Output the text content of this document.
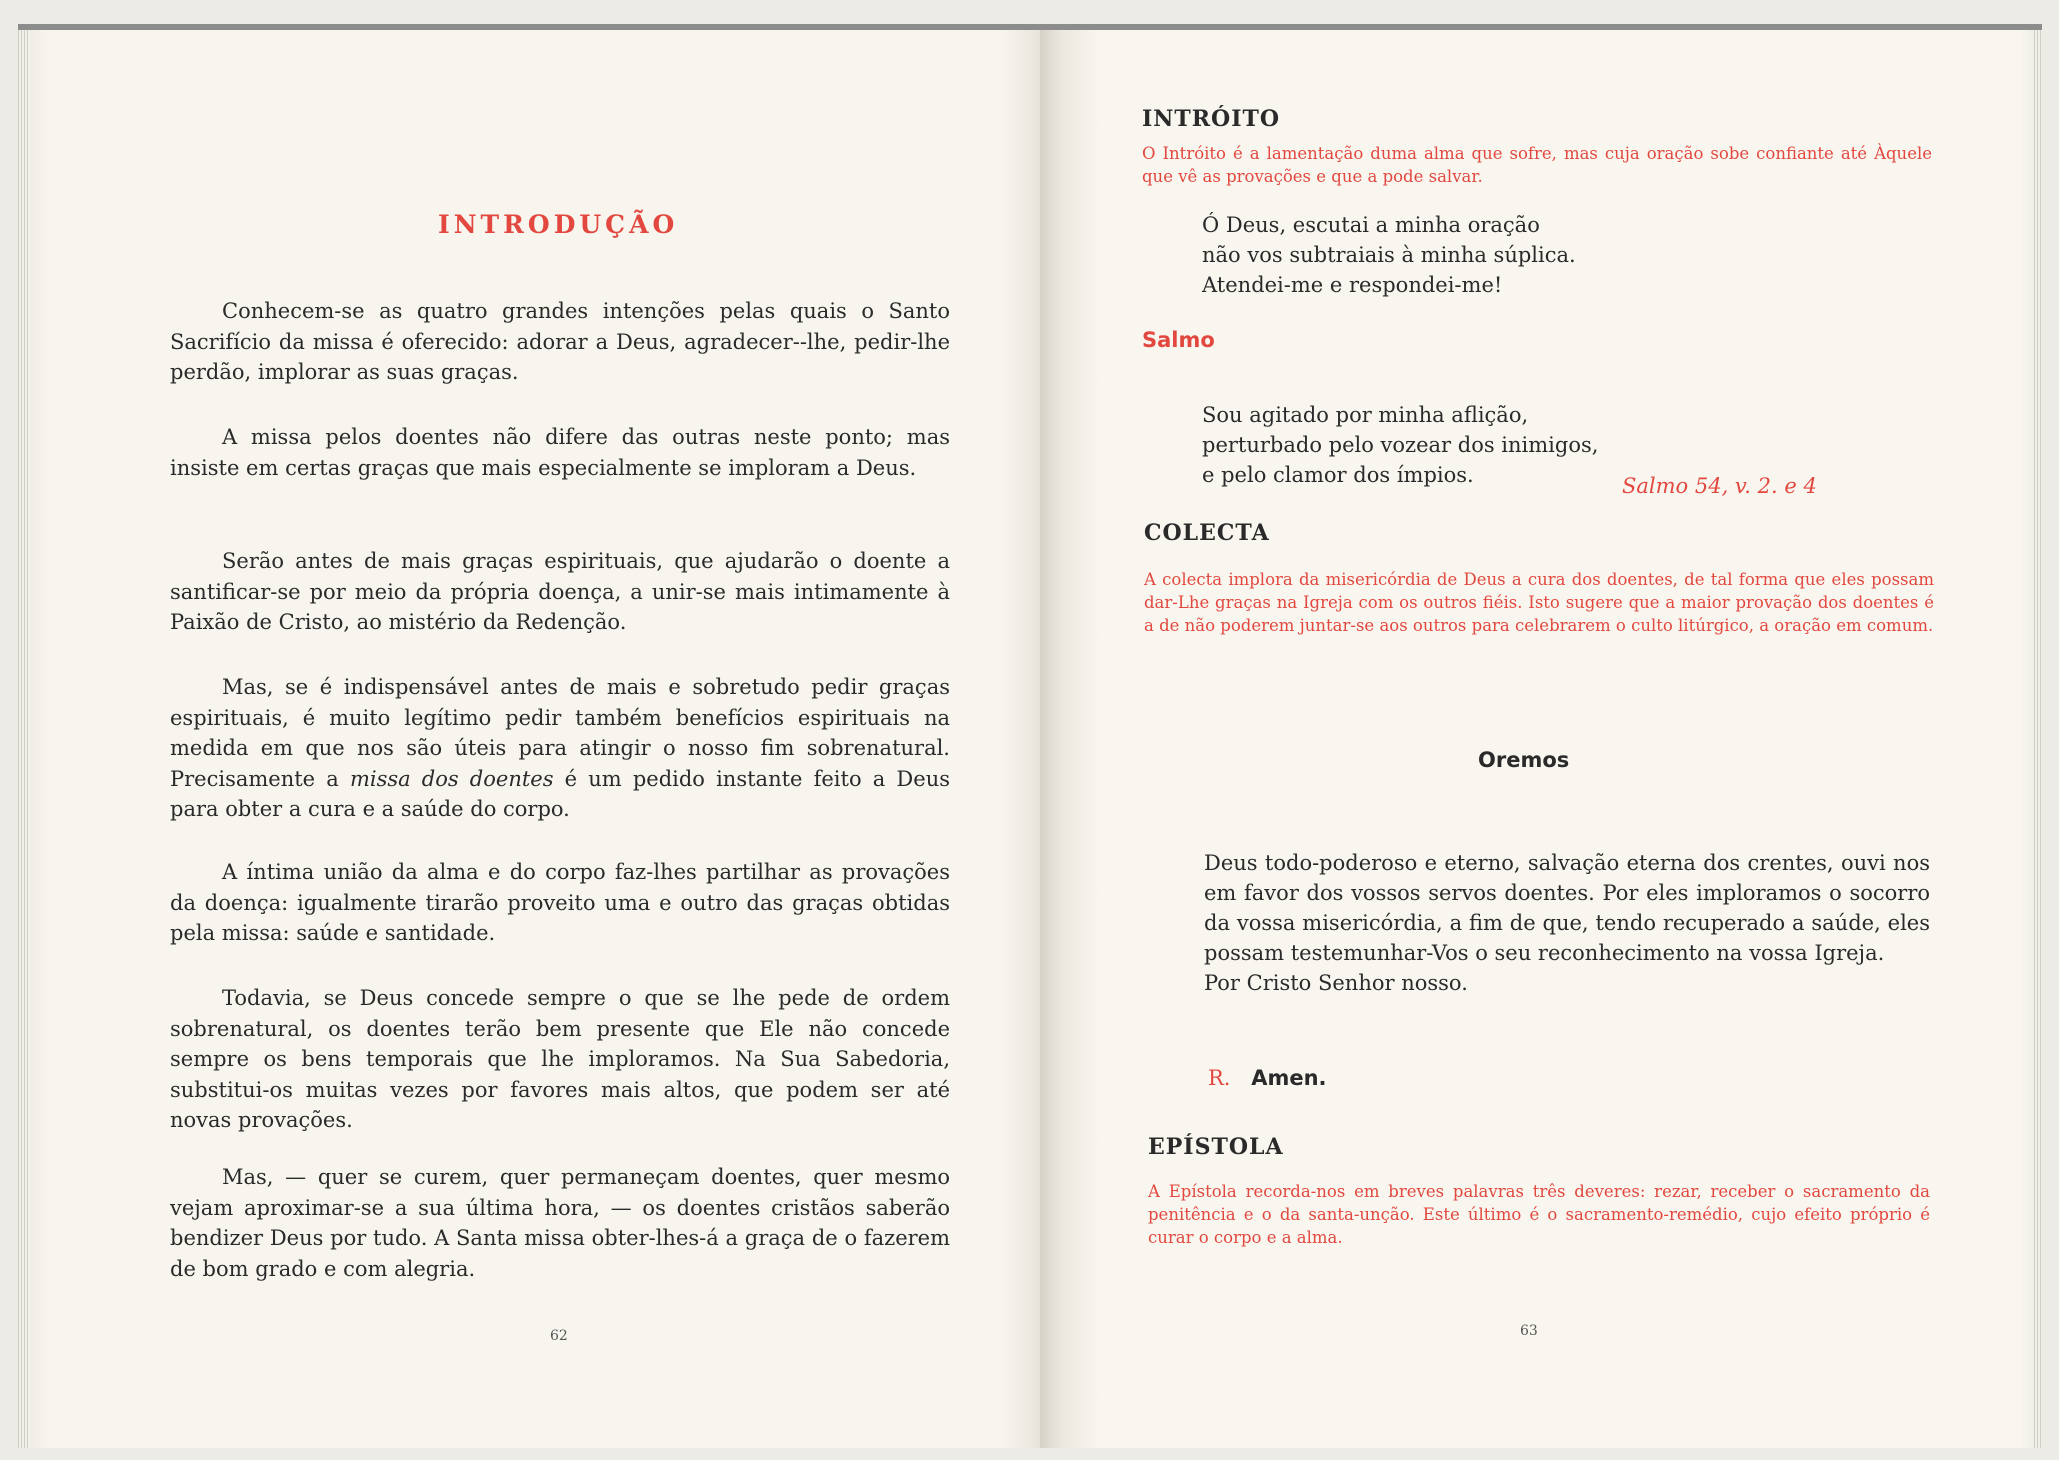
INTRODUÇÃO

Conhecem-se as quatro grandes intenções pelas quais o Santo Sacrifício da missa é oferecido: adorar a Deus, agradecer--lhe, pedir-lhe perdão, implorar as suas graças.

A missa pelos doentes não difere das outras neste ponto; mas insiste em certas graças que mais especialmente se imploram a Deus.

Serão antes de mais graças espirituais, que ajudarão o doente a santificar-se por meio da própria doença, a unir-se mais intimamente à Paixão de Cristo, ao mistério da Redenção.

Mas, se é indispensável antes de mais e sobretudo pedir graças espirituais, é muito legítimo pedir também benefícios espirituais na medida em que nos são úteis para atingir o nosso fim sobrenatural. Precisamente a missa dos doentes é um pedido instante feito a Deus para obter a cura e a saúde do corpo.

A íntima união da alma e do corpo faz-lhes partilhar as provações da doença: igualmente tirarão proveito uma e outro das graças obtidas pela missa: saúde e santidade.

Todavia, se Deus concede sempre o que se lhe pede de ordem sobrenatural, os doentes terão bem presente que Ele não concede sempre os bens temporais que lhe imploramos. Na Sua Sabedoria, substitui-os muitas vezes por favores mais altos, que podem ser até novas provações.

Mas, — quer se curem, quer permaneçam doentes, quer mesmo vejam aproximar-se a sua última hora, — os doentes cristãos saberão bendizer Deus por tudo. A Santa missa obter-lhes-á a graça de o fazerem de bom grado e com alegria.

62
INTRÓITO

O Intróito é a lamentação duma alma que sofre, mas cuja oração sobe confiante até Àquele que vê as provações e que a pode salvar.

Ó Deus, escutai a minha oração
não vos subtraiais à minha súplica.
Atendei-me e respondei-me!
Salmo
Sou agitado por minha aflição,
perturbado pelo vozear dos inimigos,
e pelo clamor dos ímpios.	Salmo 54, v. 2. e 4

COLECTA

A colecta implora da misericórdia de Deus a cura dos doentes, de tal forma que eles possam dar-Lhe graças na Igreja com os outros fiéis. Isto sugere que a maior provação dos doentes é a de não poderem juntar-se aos outros para celebrarem o culto litúrgico, a oração em comum.

Oremos
Deus todo-poderoso e eterno, salvação eterna dos crentes, ouvi nos em favor dos vossos servos doentes. Por eles imploramos o socorro da vossa misericórdia, a fim de que, tendo recuperado a saúde, eles possam testemunhar-Vos o seu reconhecimento na vossa Igreja.
Por Cristo Senhor nosso.
R. Amen.
EPÍSTOLA

A Epístola recorda-nos em breves palavras três deveres: rezar, receber o sacramento da penitência e o da santa-unção. Este último é o sacramento-remédio, cujo efeito próprio é curar o corpo e a alma.

63
